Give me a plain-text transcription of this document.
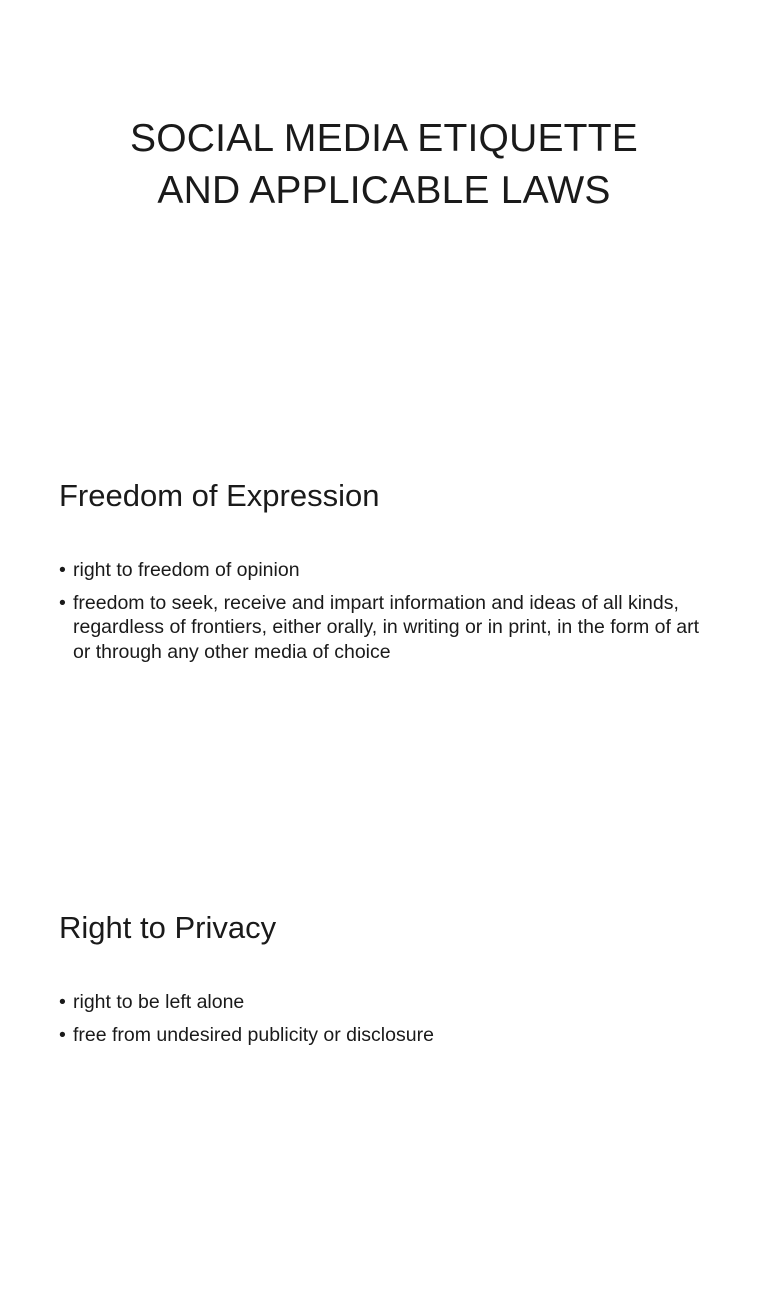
SOCIAL MEDIA ETIQUETTE
AND APPLICABLE LAWS
Freedom of Expression
• right to freedom of opinion
• freedom to seek, receive and impart information and ideas of all kinds, regardless of frontiers, either orally, in writing or in print, in the form of art or through any other media of choice
Right to Privacy
• right to be left alone
• free from undesired publicity or disclosure
